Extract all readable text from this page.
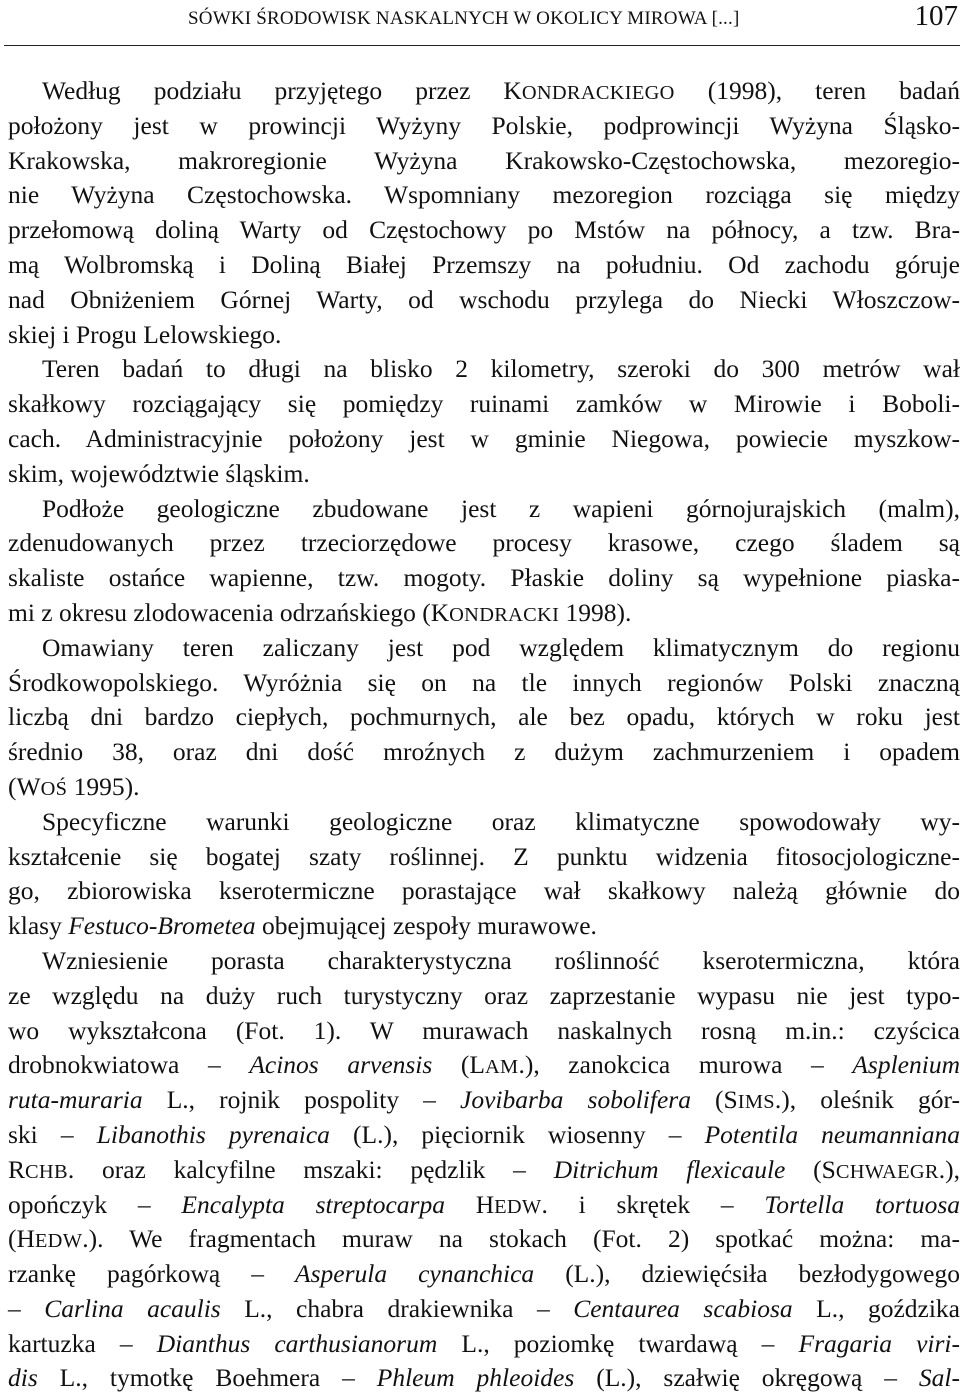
SÓWKI ŚRODOWISK NASKALNYCH W OKOLICY MIROWA [...]	107
Według podziału przyjętego przez KONDRACKIEGO (1998), teren badań
położony jest w prowincji Wyżyny Polskie, podprowincji Wyżyna Śląsko-
Krakowska, makroregionie Wyżyna Krakowsko-Częstochowska, mezoregio-
nie Wyżyna Częstochowska. Wspomniany mezoregion rozciąga się między
przełomową doliną Warty od Częstochowy po Mstów na północy, a tzw. Bra-
mą Wolbromską i Doliną Białej Przemszy na południu. Od zachodu góruje
nad Obniżeniem Górnej Warty, od wschodu przylega do Niecki Włoszczow-
skiej i Progu Lelowskiego.
Teren badań to długi na blisko 2 kilometry, szeroki do 300 metrów wał
skałkowy rozciągający się pomiędzy ruinami zamków w Mirowie i Boboli-
cach. Administracyjnie położony jest w gminie Niegowa, powiecie myszkow-
skim, województwie śląskim.
Podłoże geologiczne zbudowane jest z wapieni górnojurajskich (malm),
zdenudowanych przez trzeciorzędowe procesy krasowe, czego śladem są
skaliste ostańce wapienne, tzw. mogoty. Płaskie doliny są wypełnione piaska-
mi z okresu zlodowacenia odrzańskiego (KONDRACKI 1998).
Omawiany teren zaliczany jest pod względem klimatycznym do regionu
Środkowopolskiego. Wyróżnia się on na tle innych regionów Polski znaczną
liczbą dni bardzo ciepłych, pochmurnych, ale bez opadu, których w roku jest
średnio 38, oraz dni dość mroźnych z dużym zachmurzeniem i opadem
(WOŚ 1995).
Specyficzne warunki geologiczne oraz klimatyczne spowodowały wy-
kształcenie się bogatej szaty roślinnej. Z punktu widzenia fitosocjologiczne-
go, zbiorowiska kserotermiczne porastające wał skałkowy należą głównie do
klasy Festuco-Brometea obejmującej zespoły murawowe.
Wzniesienie porasta charakterystyczna roślinność kserotermiczna, która
ze względu na duży ruch turystyczny oraz zaprzestanie wypasu nie jest typo-
wo wykształcona (Fot. 1). W murawach naskalnych rosną m.in.: czyścica
drobnokwiatowa – Acinos arvensis (LAM.), zanokcica murowa – Asplenium
ruta-muraria L., rojnik pospolity – Jovibarba sobolifera (SIMS.), oleśnik gór-
ski – Libanothis pyrenaica (L.), pięciornik wiosenny – Potentila neumanniana
RCHB. oraz kalcyfilne mszaki: pędzlik – Ditrichum flexicaule (SCHWAEGR.),
opończyk – Encalypta streptocarpa HEDW. i skrętek – Tortella tortuosa
(HEDW.). We fragmentach muraw na stokach (Fot. 2) spotkać można: ma-
rzankę pagórkową – Asperula cynanchica (L.), dziewięćsiła bezłodygowego
– Carlina acaulis L., chabra drakiewnika – Centaurea scabiosa L., goździka
kartuzka – Dianthus carthusianorum L., poziomkę twardawą – Fragaria viri-
dis L., tymotkę Boehmera – Phleum phleoides (L.), szałwię okręgową – Sal-
